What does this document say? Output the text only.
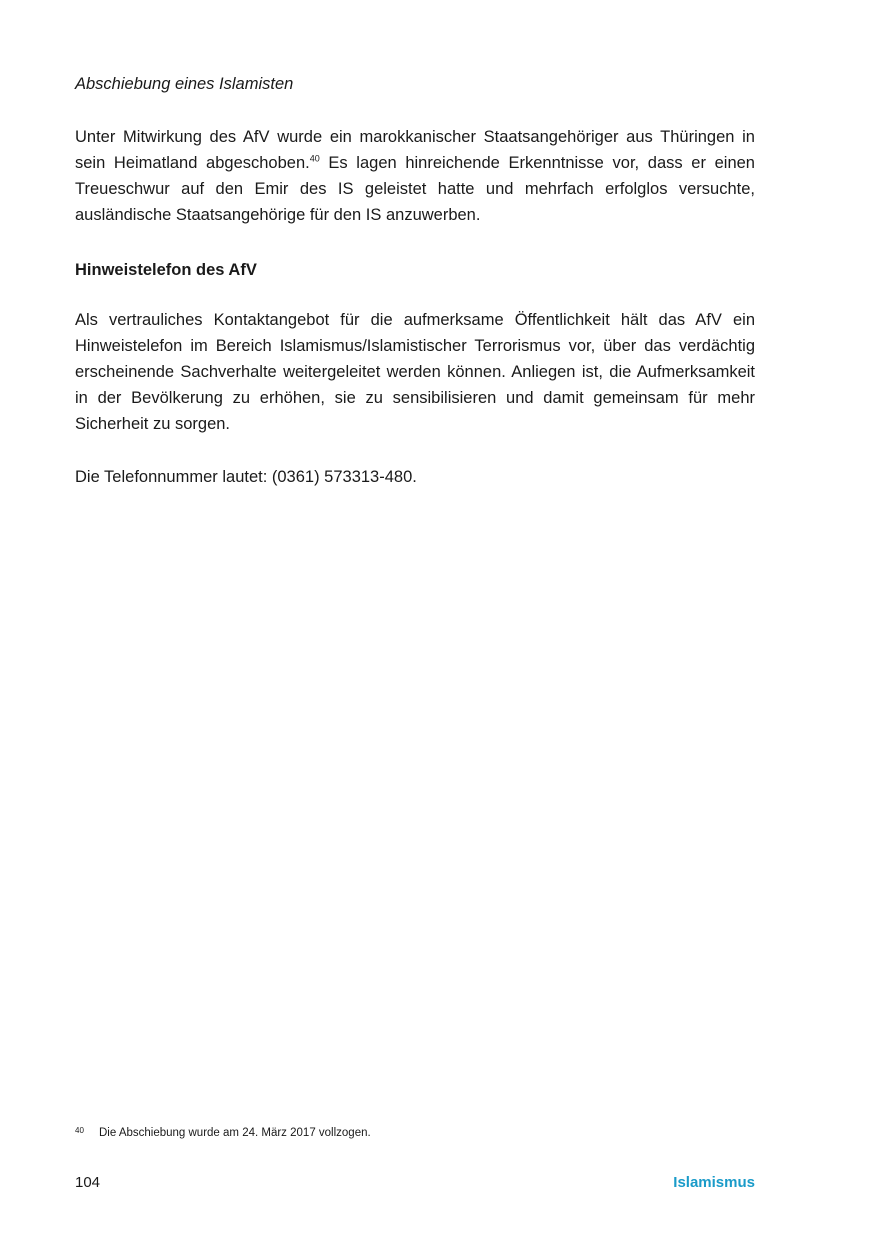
Abschiebung eines Islamisten

Unter Mitwirkung des AfV wurde ein marokkanischer Staatsangehöriger aus Thüringen in sein Heimatland abgeschoben.$^{40}$ Es lagen hinreichende Erkenntnisse vor, dass er einen Treueschwur auf den Emir des IS geleistet hatte und mehrfach erfolglos versuchte, ausländische Staatsangehörige für den IS anzuwerben.

Hinweistelefon des AfV

Als vertrauliches Kontaktangebot für die aufmerksame Öffentlichkeit hält das AfV ein Hinweistelefon im Bereich Islamismus/Islamistischer Terrorismus vor, über das verdächtig erscheinende Sachverhalte weitergeleitet werden können. Anliegen ist, die Aufmerksamkeit in der Bevölkerung zu erhöhen, sie zu sensibilisieren und damit gemeinsam für mehr Sicherheit zu sorgen.

Die Telefonnummer lautet: (0361) 573313-480.

40	Die Abschiebung wurde am 24. März 2017 vollzogen.
104	Islamismus
